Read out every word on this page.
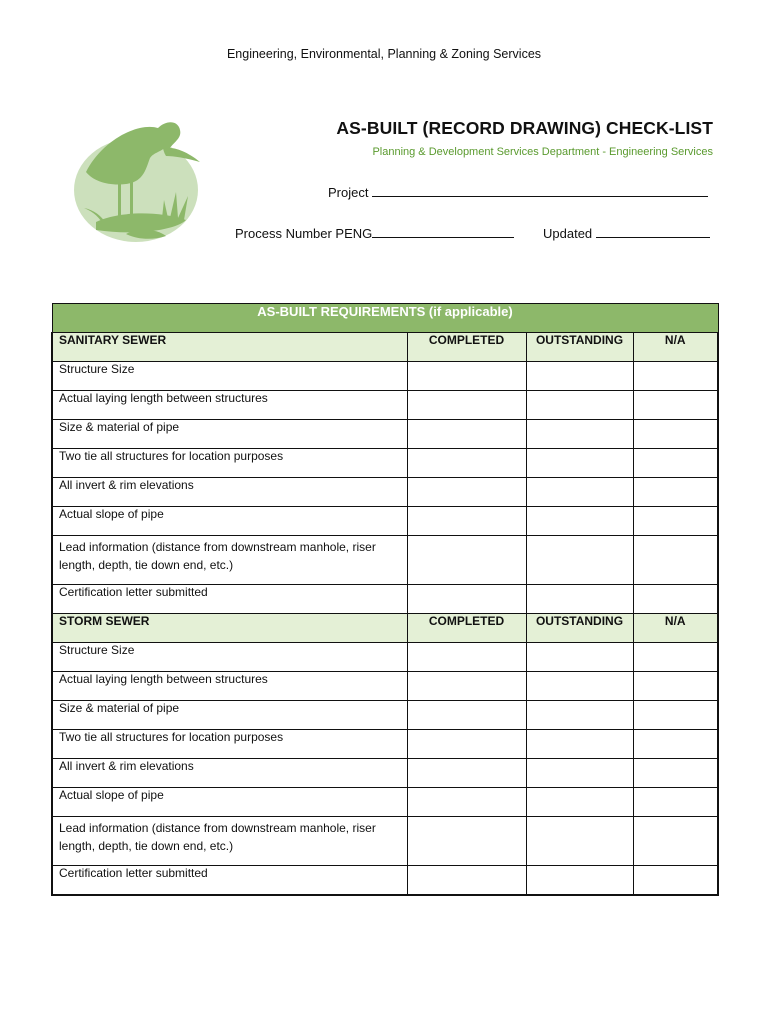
Engineering, Environmental, Planning & Zoning Services
AS-BUILT (RECORD DRAWING) CHECK-LIST
Planning & Development Services Department - Engineering Services
Project
Process Number PENG	Updated
AS-BUILT REQUIREMENTS (if applicable)			
SANITARY SEWER	COMPLETED	OUTSTANDING	N/A
Structure Size			
Actual laying length between structures			
Size & material of pipe			
Two tie all structures for location purposes			
All invert & rim elevations			
Actual slope of pipe			
Lead information (distance from downstream manhole, riser length, depth, tie down end, etc.)			
Certification letter submitted			
STORM SEWER	COMPLETED	OUTSTANDING	N/A
Structure Size			
Actual laying length between structures			
Size & material of pipe			
Two tie all structures for location purposes			
All invert & rim elevations			
Actual slope of pipe			
Lead information (distance from downstream manhole, riser length, depth, tie down end, etc.)			
Certification letter submitted			
